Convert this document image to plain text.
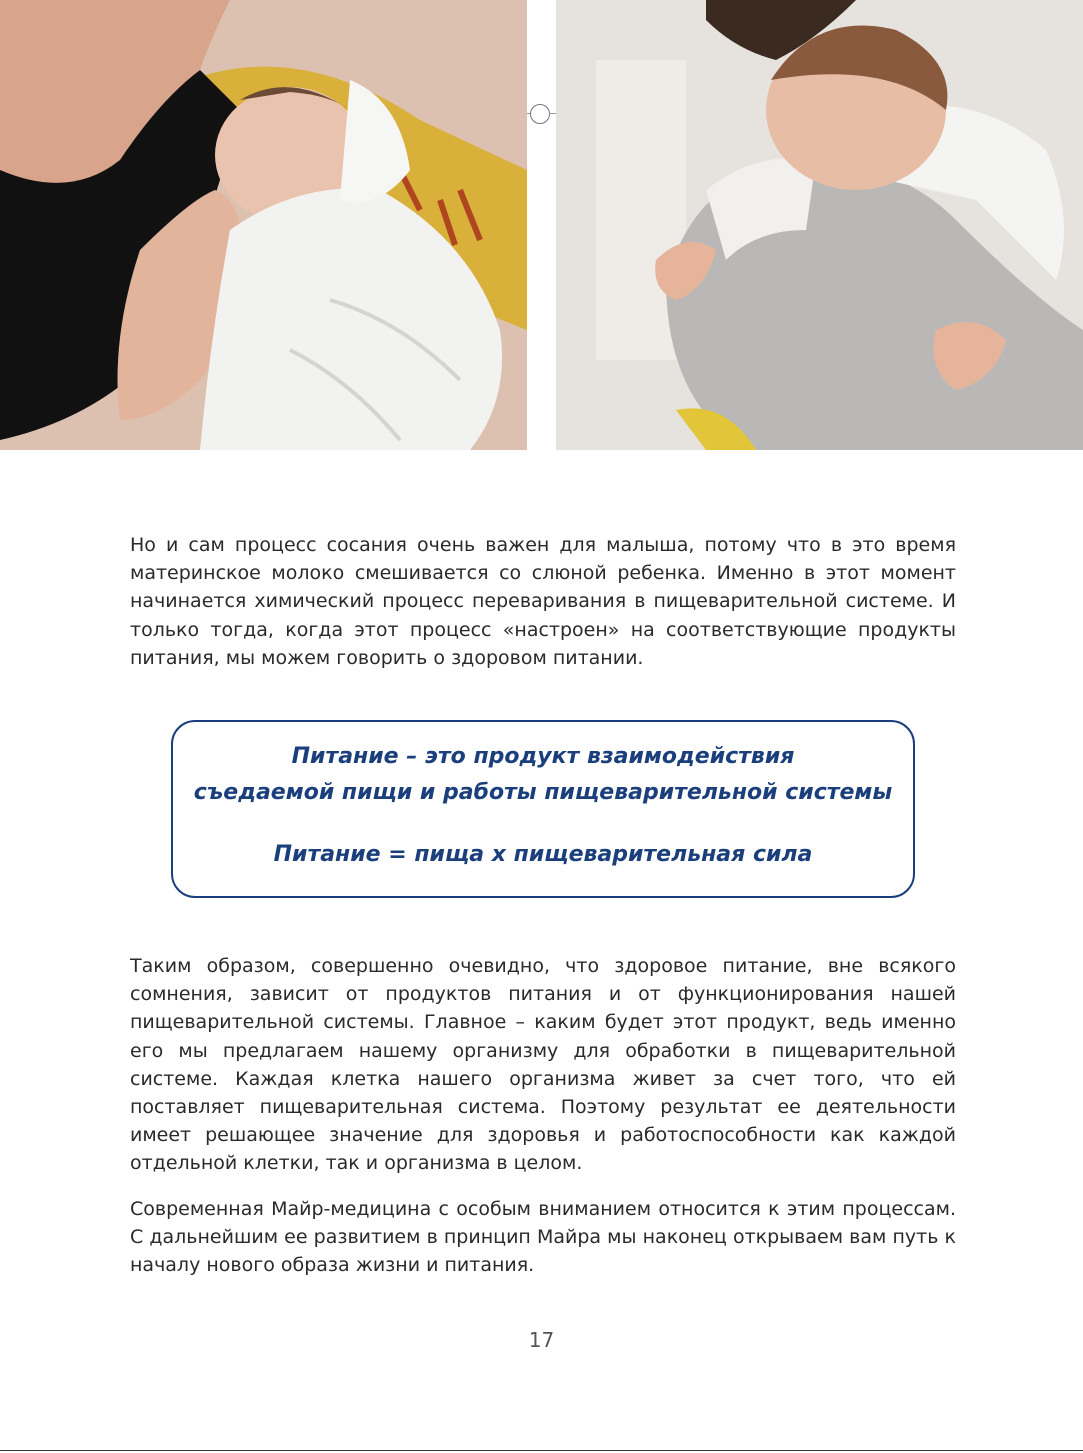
Но и сам процесс сосания очень важен для малыша, потому что в это время материнское молоко смешивается со слюной ребенка. Именно в этот момент начинается химический процесс переваривания в пищеварительной системе. И только тогда, когда этот процесс «настроен» на соответствующие продукты питания, мы можем говорить о здоровом питании.

Питание – это продукт взаимодействия
съедаемой пищи и работы пищеварительной системы
Питание = пища х пищеварительная сила

Таким образом, совершенно очевидно, что здоровое питание, вне всякого сомнения, зависит от продуктов питания и от функционирования нашей пищеварительной системы. Главное – каким будет этот продукт, ведь именно его мы предлагаем нашему организму для обработки в пищеварительной системе. Каждая клетка нашего организма живет за счет того, что ей поставляет пищеварительная система. Поэтому результат ее деятельности имеет решающее значение для здоровья и работоспособности как каждой отдельной клетки, так и организма в целом.

Современная Майр-медицина с особым вниманием относится к этим процессам. С дальнейшим ее развитием в принцип Майра мы наконец открываем вам путь к началу нового образа жизни и питания.

17
